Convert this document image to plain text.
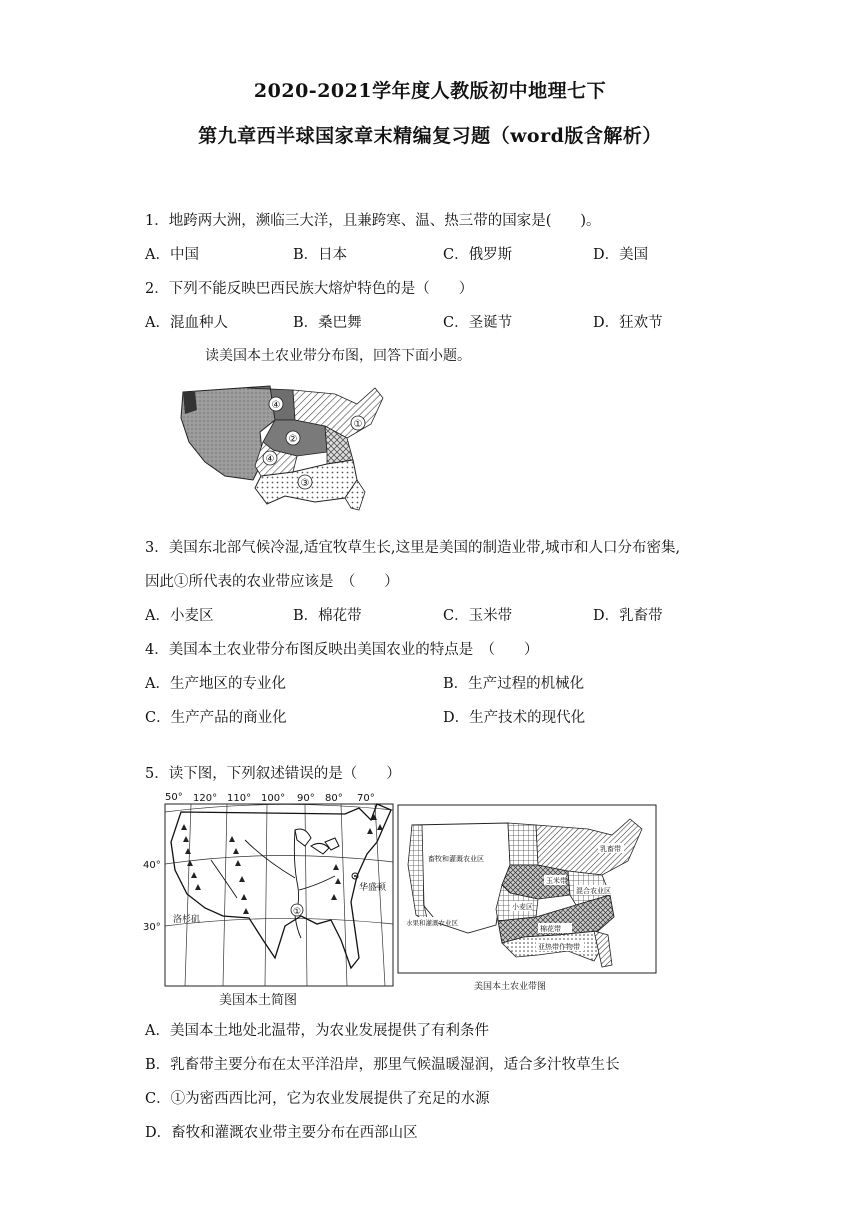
2020-2021学年度人教版初中地理七下
第九章西半球国家章末精编复习题（word版含解析）
1．地跨两大洲，濒临三大洋，且兼跨寒、温、热三带的国家是(　　)。
A．中国	B．日本	C．俄罗斯	D．美国
2．下列不能反映巴西民族大熔炉特色的是（　　）
A．混血种人	B．桑巴舞	C．圣诞节	D．狂欢节
读美国本土农业带分布图，回答下面小题。
①
②
③
④
④
3．美国东北部气候冷湿,适宜牧草生长,这里是美国的制造业带,城市和人口分布密集,
因此①所代表的农业带应该是　（　　）
A．小麦区	B．棉花带	C．玉米带	D．乳畜带
4．美国本土农业带分布图反映出美国农业的特点是　（　　）
A．生产地区的专业化	B．生产过程的机械化
C．生产产品的商业化	D．生产技术的现代化
5．读下图，下列叙述错误的是（　　）
50°
40°
30°
120° 110° 100° 90° 80° 70°
华盛顿
洛杉矶
①
美国本土简图
畜牧和灌溉农业区
玉米带
小麦区
混合农业区
水果和灌溉农业区
棉花带
亚热带作物带
乳畜带
美国本土农业带图
A．美国本土地处北温带，为农业发展提供了有利条件
B．乳畜带主要分布在太平洋沿岸，那里气候温暖湿润，适合多汁牧草生长
C．①为密西西比河，它为农业发展提供了充足的水源
D．畜牧和灌溉农业带主要分布在西部山区
